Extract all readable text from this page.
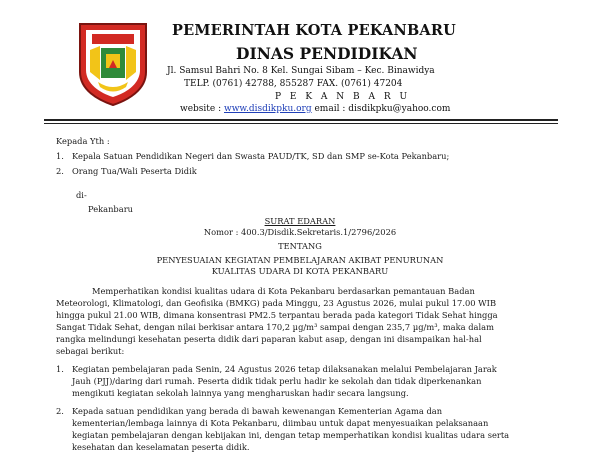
PEMERINTAH KOTA PEKANBARU
DINAS PENDIDIKAN
Jl. Samsul Bahri No. 8 Kel. Sungai Sibam – Kec. Binawidya
TELP. (0761) 42788, 855287 FAX. (0761) 47204
P E K A N B A R U
website : www.disdikpku.org email : disdikpku@yahoo.com
Kepada Yth :
1. Kepala Satuan Pendidikan Negeri dan Swasta PAUD/TK, SD dan SMP se-Kota Pekanbaru;
2. Orang Tua/Wali Peserta Didik
di-
Pekanbaru
SURAT EDARAN
Nomor : 400.3/Disdik.Sekretaris.1/2796/2026
TENTANG
PENYESUAIAN KEGIATAN PEMBELAJARAN AKIBAT PENURUNAN
KUALITAS UDARA DI KOTA PEKANBARU
Memperhatikan kondisi kualitas udara di Kota Pekanbaru berdasarkan pemantauan Badan
Meteorologi, Klimatologi, dan Geofisika (BMKG) pada Minggu, 23 Agustus 2026, mulai pukul 17.00 WIB
hingga pukul 21.00 WIB, dimana konsentrasi PM2.5 terpantau berada pada kategori Tidak Sehat hingga
Sangat Tidak Sehat, dengan nilai berkisar antara 170,2 µg/m³ sampai dengan 235,7 µg/m³, maka dalam
rangka melindungi kesehatan peserta didik dari paparan kabut asap, dengan ini disampaikan hal-hal
sebagai berikut:
1. Kegiatan pembelajaran pada Senin, 24 Agustus 2026 tetap dilaksanakan melalui Pembelajaran Jarak
Jauh (PJJ)/daring dari rumah. Peserta didik tidak perlu hadir ke sekolah dan tidak diperkenankan
mengikuti kegiatan sekolah lainnya yang mengharuskan hadir secara langsung.
2. Kepada satuan pendidikan yang berada di bawah kewenangan Kementerian Agama dan
kementerian/lembaga lainnya di Kota Pekanbaru, diimbau untuk dapat menyesuaikan pelaksanaan
kegiatan pembelajaran dengan kebijakan ini, dengan tetap memperhatikan kondisi kualitas udara serta
kesehatan dan keselamatan peserta didik.
